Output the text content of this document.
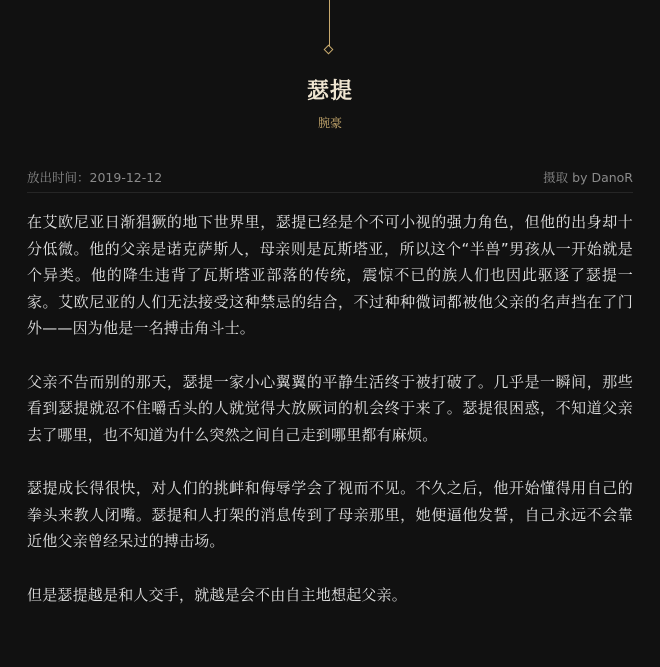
瑟提
腕豪
放出时间：2019-12-12	摄取 by DanoR

在艾欧尼亚日渐猖獗的地下世界里，瑟提已经是个不可小视的强力角色，但他的出身却十分低微。他的父亲是诺克萨斯人，母亲则是瓦斯塔亚，所以这个“半兽”男孩从一开始就是个异类。他的降生违背了瓦斯塔亚部落的传统，震惊不已的族人们也因此驱逐了瑟提一家。艾欧尼亚的人们无法接受这种禁忌的结合，不过种种微词都被他父亲的名声挡在了门外——因为他是一名搏击角斗士。

父亲不告而别的那天，瑟提一家小心翼翼的平静生活终于被打破了。几乎是一瞬间，那些看到瑟提就忍不住嚼舌头的人就觉得大放厥词的机会终于来了。瑟提很困惑，不知道父亲去了哪里，也不知道为什么突然之间自己走到哪里都有麻烦。

瑟提成长得很快，对人们的挑衅和侮辱学会了视而不见。不久之后，他开始懂得用自己的拳头来教人闭嘴。瑟提和人打架的消息传到了母亲那里，她便逼他发誓，自己永远不会靠近他父亲曾经呆过的搏击场。

但是瑟提越是和人交手，就越是会不由自主地想起父亲。
